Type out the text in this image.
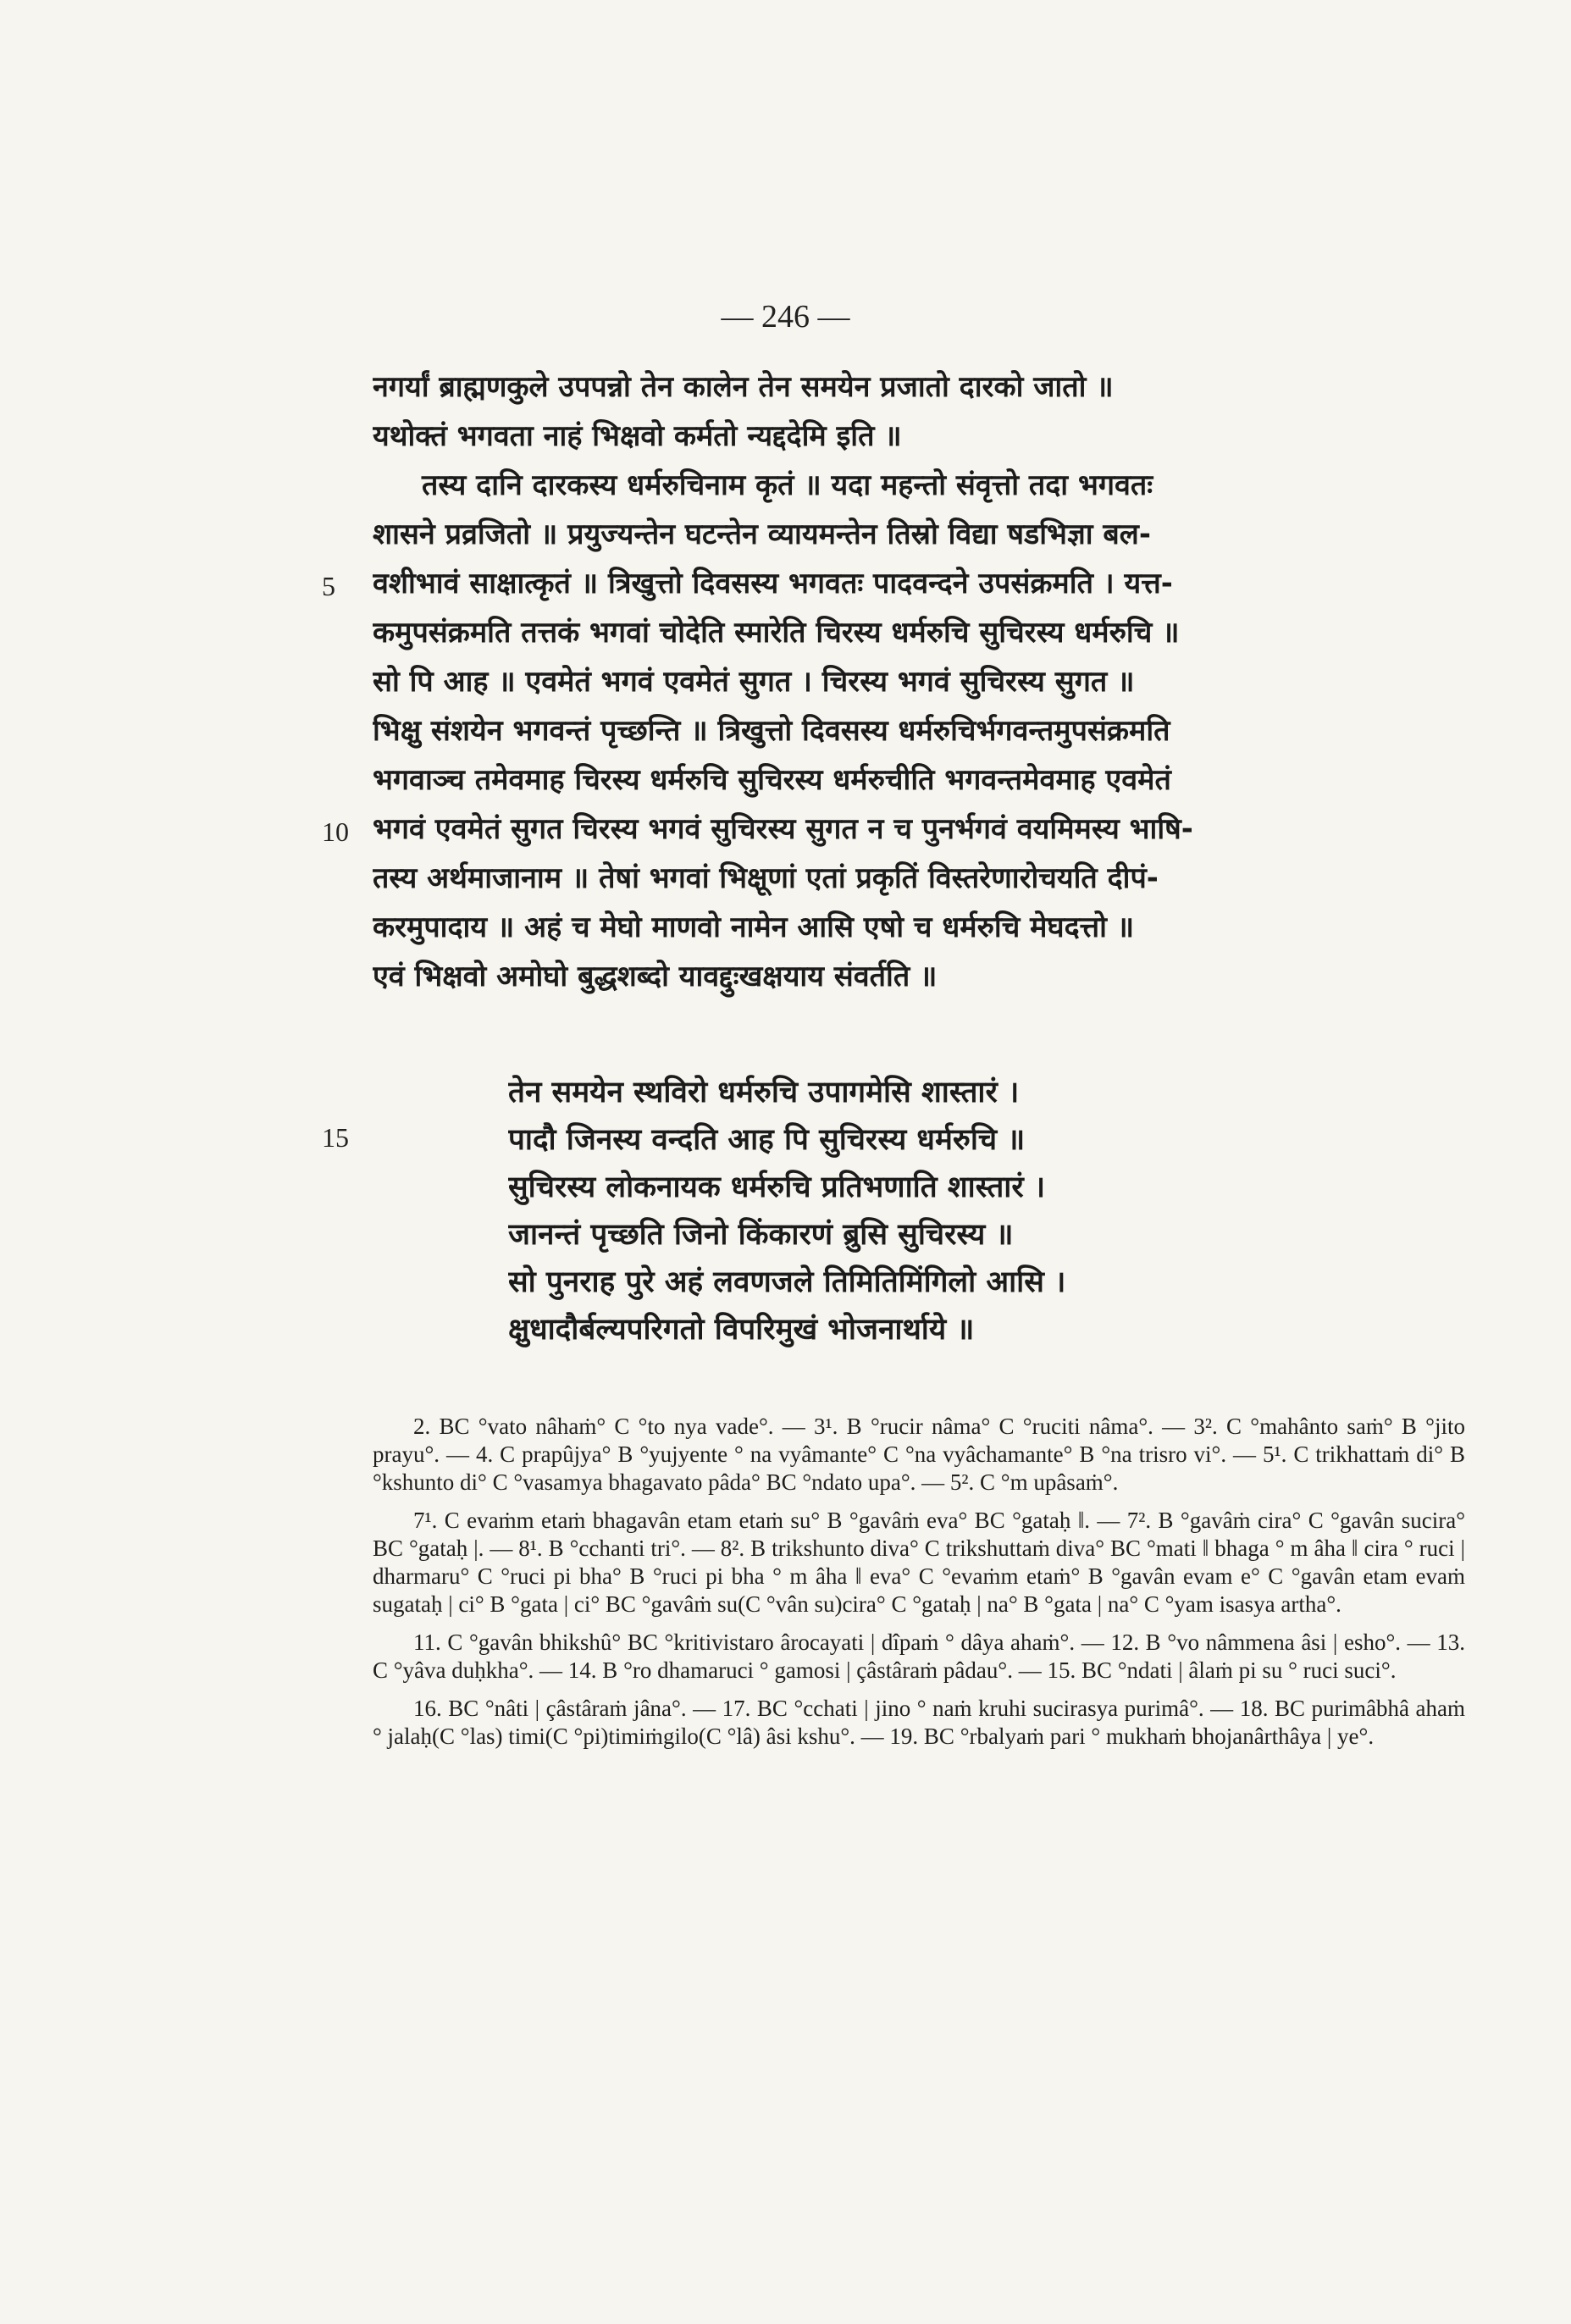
— 246 —
नगर्यां ब्राह्मणकुले उपपन्नो तेन कालेन तेन समयेन प्रजातो दारको जातो ॥
यथोक्तं भगवता नाहं भिक्षवो कर्मतो न्यद्ददेमि इति ॥
तस्य दानि दारकस्य धर्मरुचिनाम कृतं ॥ यदा महन्तो संवृत्तो तदा भगवतः
शासने प्रव्रजितो ॥ प्रयुज्यन्तेन घटन्तेन व्यायमन्तेन तिस्रो विद्या षडभिज्ञा बल-
वशीभावं साक्षात्कृतं ॥ त्रिखुत्तो दिवसस्य भगवतः पादवन्दने उपसंक्रमति । यत्त-
कमुपसंक्रमति तत्तकं भगवां चोदेति स्मारेति चिरस्य धर्मरुचि सुचिरस्य धर्मरुचि ॥
सो पि आह ॥ एवमेतं भगवं एवमेतं सुगत । चिरस्य भगवं सुचिरस्य सुगत ॥
भिक्षु संशयेन भगवन्तं पृच्छन्ति ॥ त्रिखुत्तो दिवसस्य धर्मरुचिर्भगवन्तमुपसंक्रमति
भगवाञ्च तमेवमाह चिरस्य धर्मरुचि सुचिरस्य धर्मरुचीति भगवन्तमेवमाह एवमेतं
भगवं एवमेतं सुगत चिरस्य भगवं सुचिरस्य सुगत न च पुनर्भगवं वयमिमस्य भाषि-
तस्य अर्थमाजानाम ॥ तेषां भगवां भिक्षूणां एतां प्रकृतिं विस्तरेणारोचयति दीपं-
करमुपादाय ॥ अहं च मेघो माणवो नामेन आसि एषो च धर्मरुचि मेघदत्तो ॥
एवं भिक्षवो अमोघो बुद्धशब्दो यावद्दुःखक्षयाय संवर्तति ॥
5
10
15
तेन समयेन स्थविरो धर्मरुचि उपागमेसि शास्तारं ।
पादौ जिनस्य वन्दति आह पि सुचिरस्य धर्मरुचि ॥
सुचिरस्य लोकनायक धर्मरुचि प्रतिभणाति शास्तारं ।
जानन्तं पृच्छति जिनो किंकारणं ब्रुसि सुचिरस्य ॥
सो पुनराह पुरे अहं लवणजले तिमितिमिंगिलो आसि ।
क्षुधादौर्बल्यपरिगतो विपरिमुखं भोजनार्थाये ॥

2. BC °vato nâhaṁ° C °to nya vade°. — 3¹. B °rucir nâma° C °ruciti nâma°. — 3². C °mahânto saṁ° B °jito prayu°. — 4. C prapûjya° B °yujyente ° na vyâmante° C °na vyâchamante° B °na trisro vi°. — 5¹. C trikhattaṁ di° B °kshunto di° C °vasamya bhagavato pâda° BC °ndato upa°. — 5². C °m upâsaṁ°.

7¹. C evaṁm etaṁ bhagavân etam etaṁ su° B °gavâṁ eva° BC °gataḥ ‖. — 7². B °gavâṁ cira° C °gavân sucira° BC °gataḥ |. — 8¹. B °cchanti tri°. — 8². B trikshunto diva° C trikshuttaṁ diva° BC °mati ‖ bhaga ° m âha ‖ cira ° ruci | dharmaru° C °ruci pi bha° B °ruci pi bha ° m âha ‖ eva° C °evaṁm etaṁ° B °gavân evam e° C °gavân etam evaṁ sugataḥ | ci° B °gata | ci° BC °gavâṁ su(C °vân su)cira° C °gataḥ | na° B °gata | na° C °yam isasya artha°.

11. C °gavân bhikshû° BC °kritivistaro ârocayati | dîpaṁ ° dâya ahaṁ°. — 12. B °vo nâmmena âsi | esho°. — 13. C °yâva duḥkha°. — 14. B °ro dhamaruci ° gamosi | çâstâraṁ pâdau°. — 15. BC °ndati | âlaṁ pi su ° ruci suci°.

16. BC °nâti | çâstâraṁ jâna°. — 17. BC °cchati | jino ° naṁ kruhi sucirasya purimâ°. — 18. BC purimâbhâ ahaṁ ° jalaḥ(C °las) timi(C °pi)timiṁgilo(C °lâ) âsi kshu°. — 19. BC °rbalyaṁ pari ° mukhaṁ bhojanârthâya | ye°.
